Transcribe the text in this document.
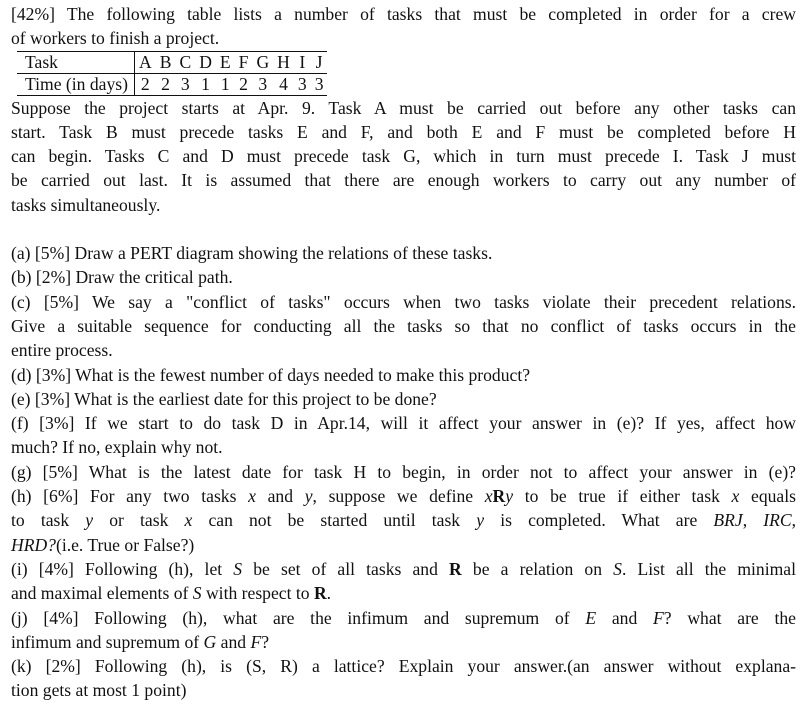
[42%] The following table lists a number of tasks that must be completed in order for a crew
of workers to finish a project.
Task	A	B	C	D	E	F	G	H	I	J
Time (in days)	2	2	3	1	1	2	3	4	3	3
Suppose the project starts at Apr. 9. Task A must be carried out before any other tasks can
start. Task B must precede tasks E and F, and both E and F must be completed before H
can begin. Tasks C and D must precede task G, which in turn must precede I. Task J must
be carried out last. It is assumed that there are enough workers to carry out any number of
tasks simultaneously.
(a) [5%] Draw a PERT diagram showing the relations of these tasks.
(b) [2%] Draw the critical path.
(c) [5%] We say a "conflict of tasks" occurs when two tasks violate their precedent relations.
Give a suitable sequence for conducting all the tasks so that no conflict of tasks occurs in the
entire process.
(d) [3%] What is the fewest number of days needed to make this product?
(e) [3%] What is the earliest date for this project to be done?
(f) [3%] If we start to do task D in Apr.14, will it affect your answer in (e)? If yes, affect how
much? If no, explain why not.
(g) [5%] What is the latest date for task H to begin, in order not to affect your answer in (e)?
(h) [6%] For any two tasks x and y, suppose we define xRy to be true if either task x equals
to task y or task x can not be started until task y is completed. What are BRJ, IRC,
HRD?(i.e. True or False?)
(i) [4%] Following (h), let S be set of all tasks and R be a relation on S. List all the minimal
and maximal elements of S with respect to R.
(j) [4%] Following (h), what are the infimum and supremum of E and F? what are the
infimum and supremum of G and F?
(k) [2%] Following (h), is (S, R) a lattice? Explain your answer.(an answer without explana-
tion gets at most 1 point)
